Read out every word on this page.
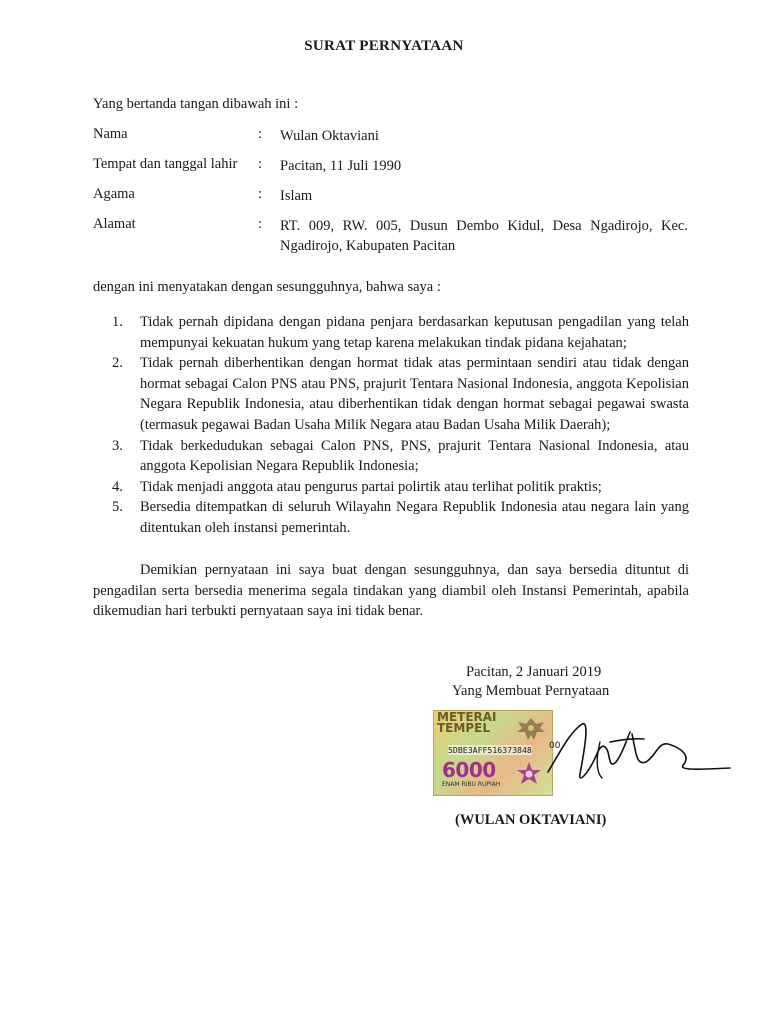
SURAT PERNYATAAN
Yang bertanda tangan dibawah ini :
Nama	: Wulan Oktaviani
Tempat dan tanggal lahir : Pacitan, 11 Juli 1990
Agama	: Islam
Alamat	: RT. 009, RW. 005, Dusun Dembo Kidul, Desa Ngadirojo, Kec. Ngadirojo, Kabupaten Pacitan
dengan ini menyatakan dengan sesungguhnya, bahwa saya :
1. Tidak pernah dipidana dengan pidana penjara berdasarkan keputusan pengadilan yang telah mempunyai kekuatan hukum yang tetap karena melakukan tindak pidana kejahatan;
2. Tidak pernah diberhentikan dengan hormat tidak atas permintaan sendiri atau tidak dengan hormat sebagai Calon PNS atau PNS, prajurit Tentara Nasional Indonesia, anggota Kepolisian Negara Republik Indonesia, atau diberhentikan tidak dengan hormat sebagai pegawai swasta (termasuk pegawai Badan Usaha Milik Negara atau Badan Usaha Milik Daerah);
3. Tidak berkedudukan sebagai Calon PNS, PNS, prajurit Tentara Nasional Indonesia, atau anggota Kepolisian Negara Republik Indonesia;
4. Tidak menjadi anggota atau pengurus partai polirtik atau terlihat politik praktis;
5. Bersedia ditempatkan di seluruh Wilayahn Negara Republik Indonesia atau negara lain yang ditentukan oleh instansi pemerintah.

Demikian pernyataan ini saya buat dengan sesungguhnya, dan saya bersedia dituntut di pengadilan serta bersedia menerima segala tindakan yang diambil oleh Instansi Pemerintah, apabila dikemudian hari terbukti pernyataan saya ini tidak benar.

Pacitan, 2 Januari 2019
Yang Membuat Pernyataan
METERAI TEMPEL
5DBE3AFF516373848
6000
ENAM RIBU RUPIAH
00
(WULAN OKTAVIANI)
